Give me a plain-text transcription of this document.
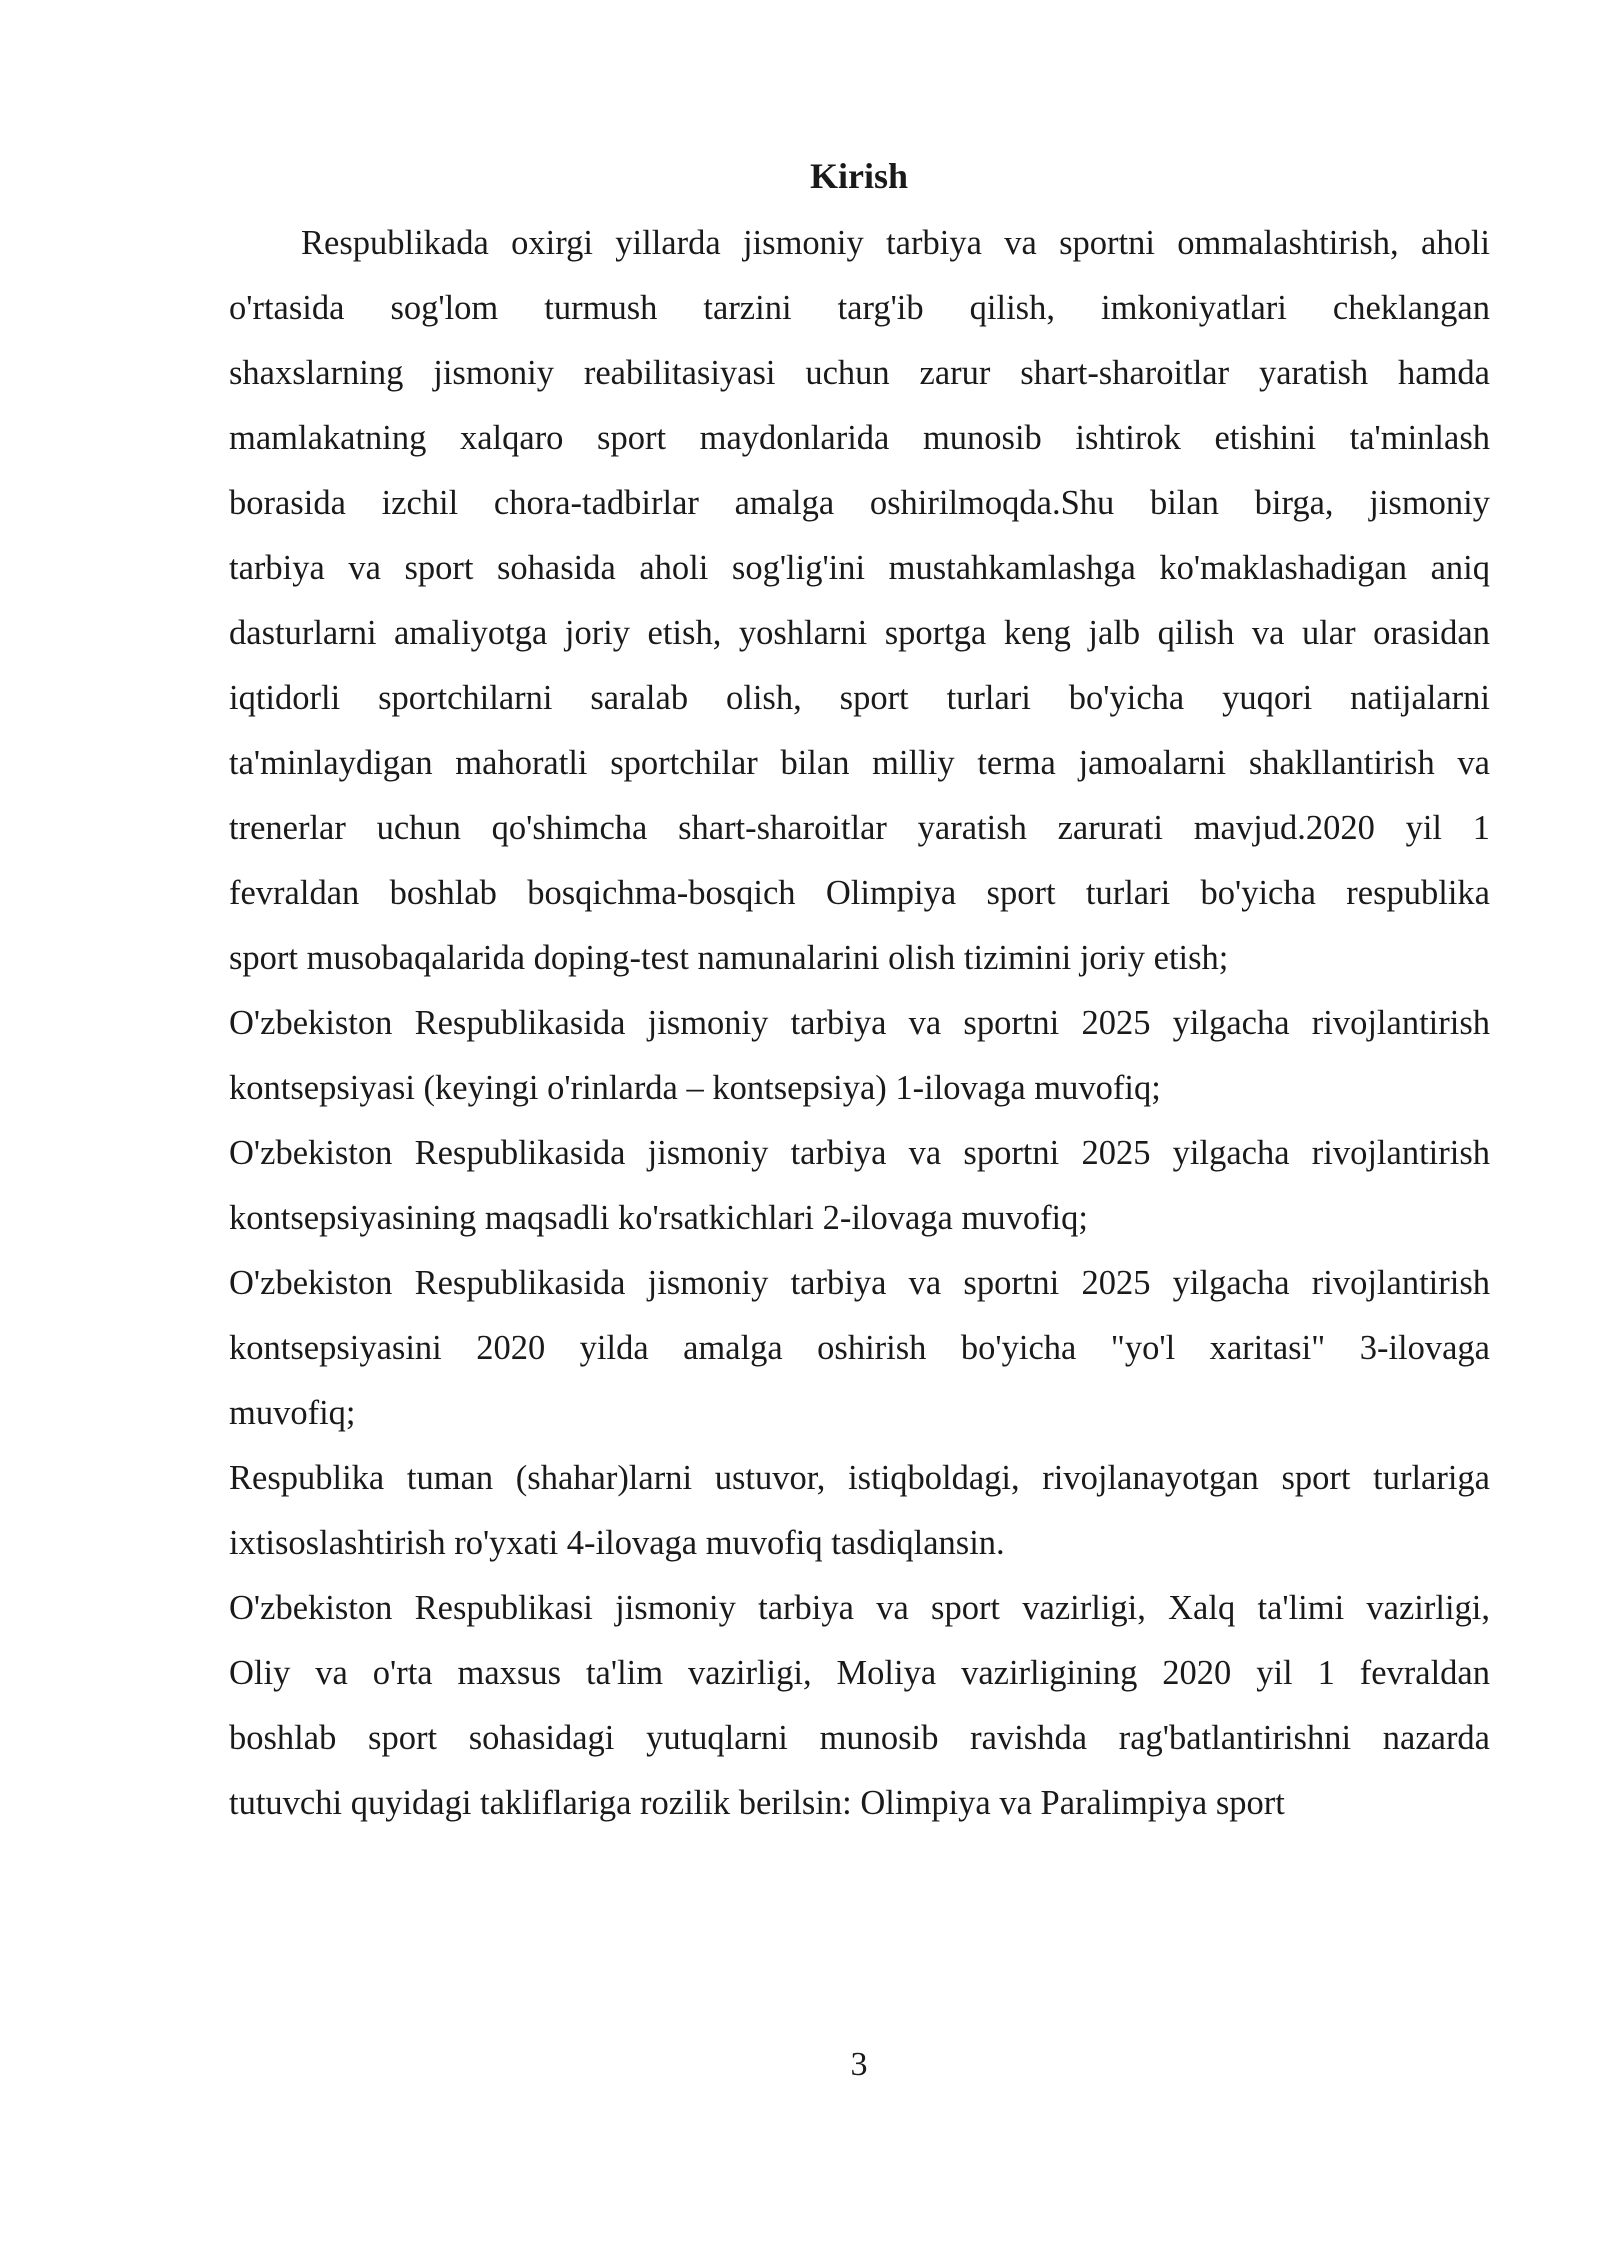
Kirish
Respublikada oxirgi yillarda jismoniy tarbiya va sportni ommalashtirish, aholi
o'rtasida sog'lom turmush tarzini targ'ib qilish, imkoniyatlari cheklangan
shaxslarning jismoniy reabilitasiyasi uchun zarur shart-sharoitlar yaratish hamda
mamlakatning xalqaro sport maydonlarida munosib ishtirok etishini ta'minlash
borasida izchil chora-tadbirlar amalga oshirilmoqda.Shu bilan birga, jismoniy
tarbiya va sport sohasida aholi sog'lig'ini mustahkamlashga ko'maklashadigan aniq
dasturlarni amaliyotga joriy etish, yoshlarni sportga keng jalb qilish va ular orasidan
iqtidorli sportchilarni saralab olish, sport turlari bo'yicha yuqori natijalarni
ta'minlaydigan mahoratli sportchilar bilan milliy terma jamoalarni shakllantirish va
trenerlar uchun qo'shimcha shart-sharoitlar yaratish zarurati mavjud.2020 yil 1
fevraldan boshlab bosqichma-bosqich Olimpiya sport turlari bo'yicha respublika
sport musobaqalarida doping-test namunalarini olish tizimini joriy etish;
O'zbekiston Respublikasida jismoniy tarbiya va sportni 2025 yilgacha rivojlantirish
kontsepsiyasi (keyingi o'rinlarda – kontsepsiya) 1-ilovaga muvofiq;
O'zbekiston Respublikasida jismoniy tarbiya va sportni 2025 yilgacha rivojlantirish
kontsepsiyasining maqsadli ko'rsatkichlari 2-ilovaga muvofiq;
O'zbekiston Respublikasida jismoniy tarbiya va sportni 2025 yilgacha rivojlantirish
kontsepsiyasini 2020 yilda amalga oshirish bo'yicha "yo'l xaritasi" 3-ilovaga
muvofiq;
Respublika tuman (shahar)larni ustuvor, istiqboldagi, rivojlanayotgan sport turlariga
ixtisoslashtirish ro'yxati 4-ilovaga muvofiq tasdiqlansin.
O'zbekiston Respublikasi jismoniy tarbiya va sport vazirligi, Xalq ta'limi vazirligi,
Oliy va o'rta maxsus ta'lim vazirligi, Moliya vazirligining 2020 yil 1 fevraldan
boshlab sport sohasidagi yutuqlarni munosib ravishda rag'batlantirishni nazarda
tutuvchi quyidagi takliflariga rozilik berilsin: Olimpiya va Paralimpiya sport
3
